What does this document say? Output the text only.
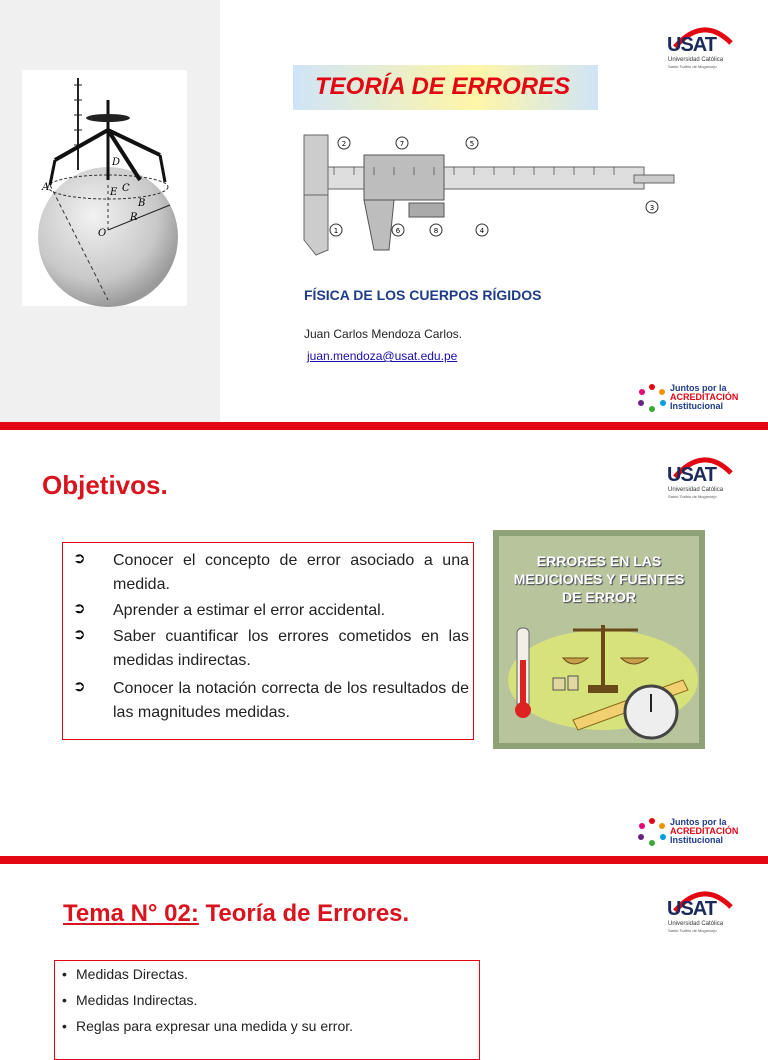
A
D
E C
B
R
O
TEORÍA DE ERRORES
1
2
3
4
5
6
7
8
FÍSICA DE LOS CUERPOS RÍGIDOS
Juan Carlos Mendoza Carlos.
juan.mendoza@usat.edu.pe
USAT
Universidad Católica
Santo Toribio de Mogrovejo
Juntos por la
ACREDITACIÓN
Institucional
Objetivos.	USAT
Universidad Católica
Santo Toribio de Mogrovejo
➲ Conocer el concepto de error asociado a una medida.
➲ Aprender a estimar el error accidental.
➲ Saber cuantificar los errores cometidos en las medidas indirectas.
➲ Conocer la notación correcta de los resultados de las magnitudes medidas.
ERRORES EN LAS MEDICIONES Y FUENTES DE ERROR
Juntos por la
ACREDITACIÓN
Institucional
Tema N° 02: Teoría de Errores.	USAT
Universidad Católica
Santo Toribio de Mogrovejo
• Medidas Directas.
• Medidas Indirectas.
• Reglas para expresar una medida y su error.
